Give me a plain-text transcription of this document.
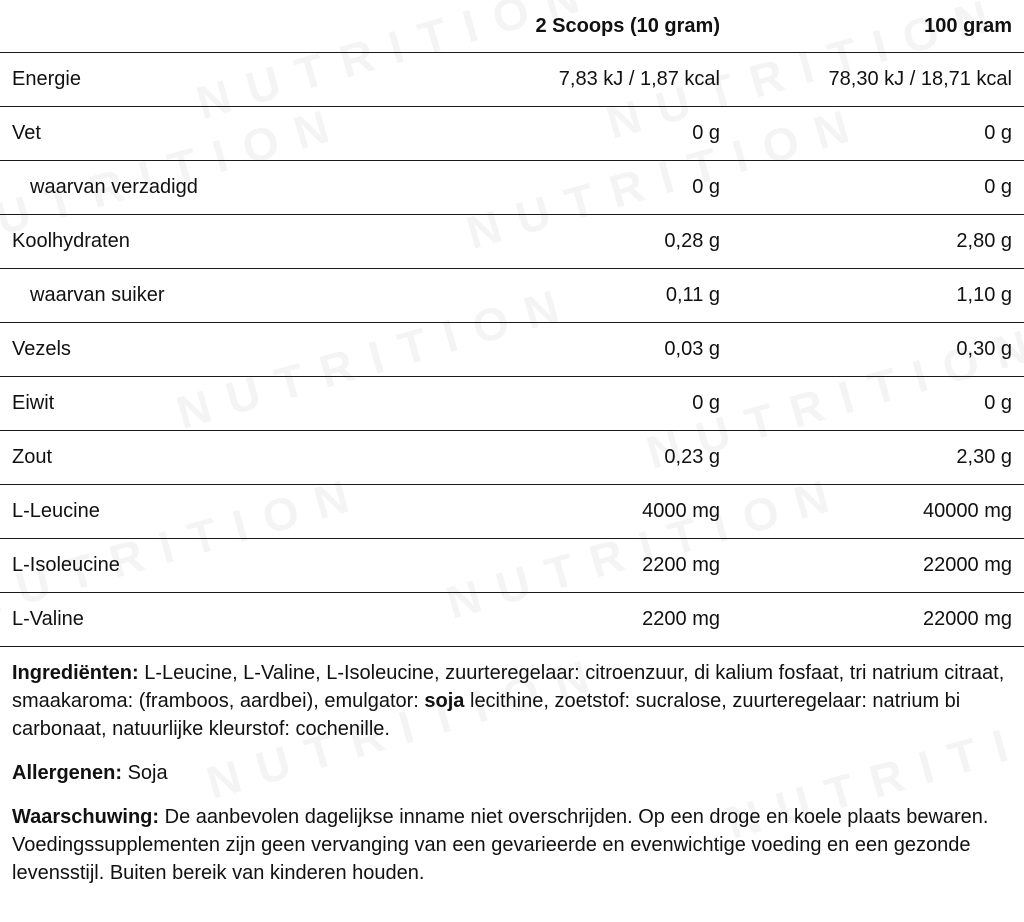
	2 Scoops (10 gram)	100 gram
Energie	7,83 kJ / 1,87 kcal	78,30 kJ / 18,71 kcal
Vet	0 g	0 g
waarvan verzadigd	0 g	0 g
Koolhydraten	0,28 g	2,80 g
waarvan suiker	0,11 g	1,10 g
Vezels	0,03 g	0,30 g
Eiwit	0 g	0 g
Zout	0,23 g	2,30 g
L-Leucine	4000 mg	40000 mg
L-Isoleucine	2200 mg	22000 mg
L-Valine	2200 mg	22000 mg

Ingrediënten: L-Leucine, L-Valine, L-Isoleucine, zuurteregelaar: citroenzuur, di kalium fosfaat, tri natrium citraat, smaakaroma: (framboos, aardbei), emulgator: soja lecithine, zoetstof: sucralose, zuurteregelaar: natrium bi carbonaat, natuurlijke kleurstof: cochenille.

Allergenen: Soja

Waarschuwing: De aanbevolen dagelijkse inname niet overschrijden. Op een droge en koele plaats bewaren. Voedingssupplementen zijn geen vervanging van een gevarieerde en evenwichtige voeding en een gezonde levensstijl. Buiten bereik van kinderen houden.
